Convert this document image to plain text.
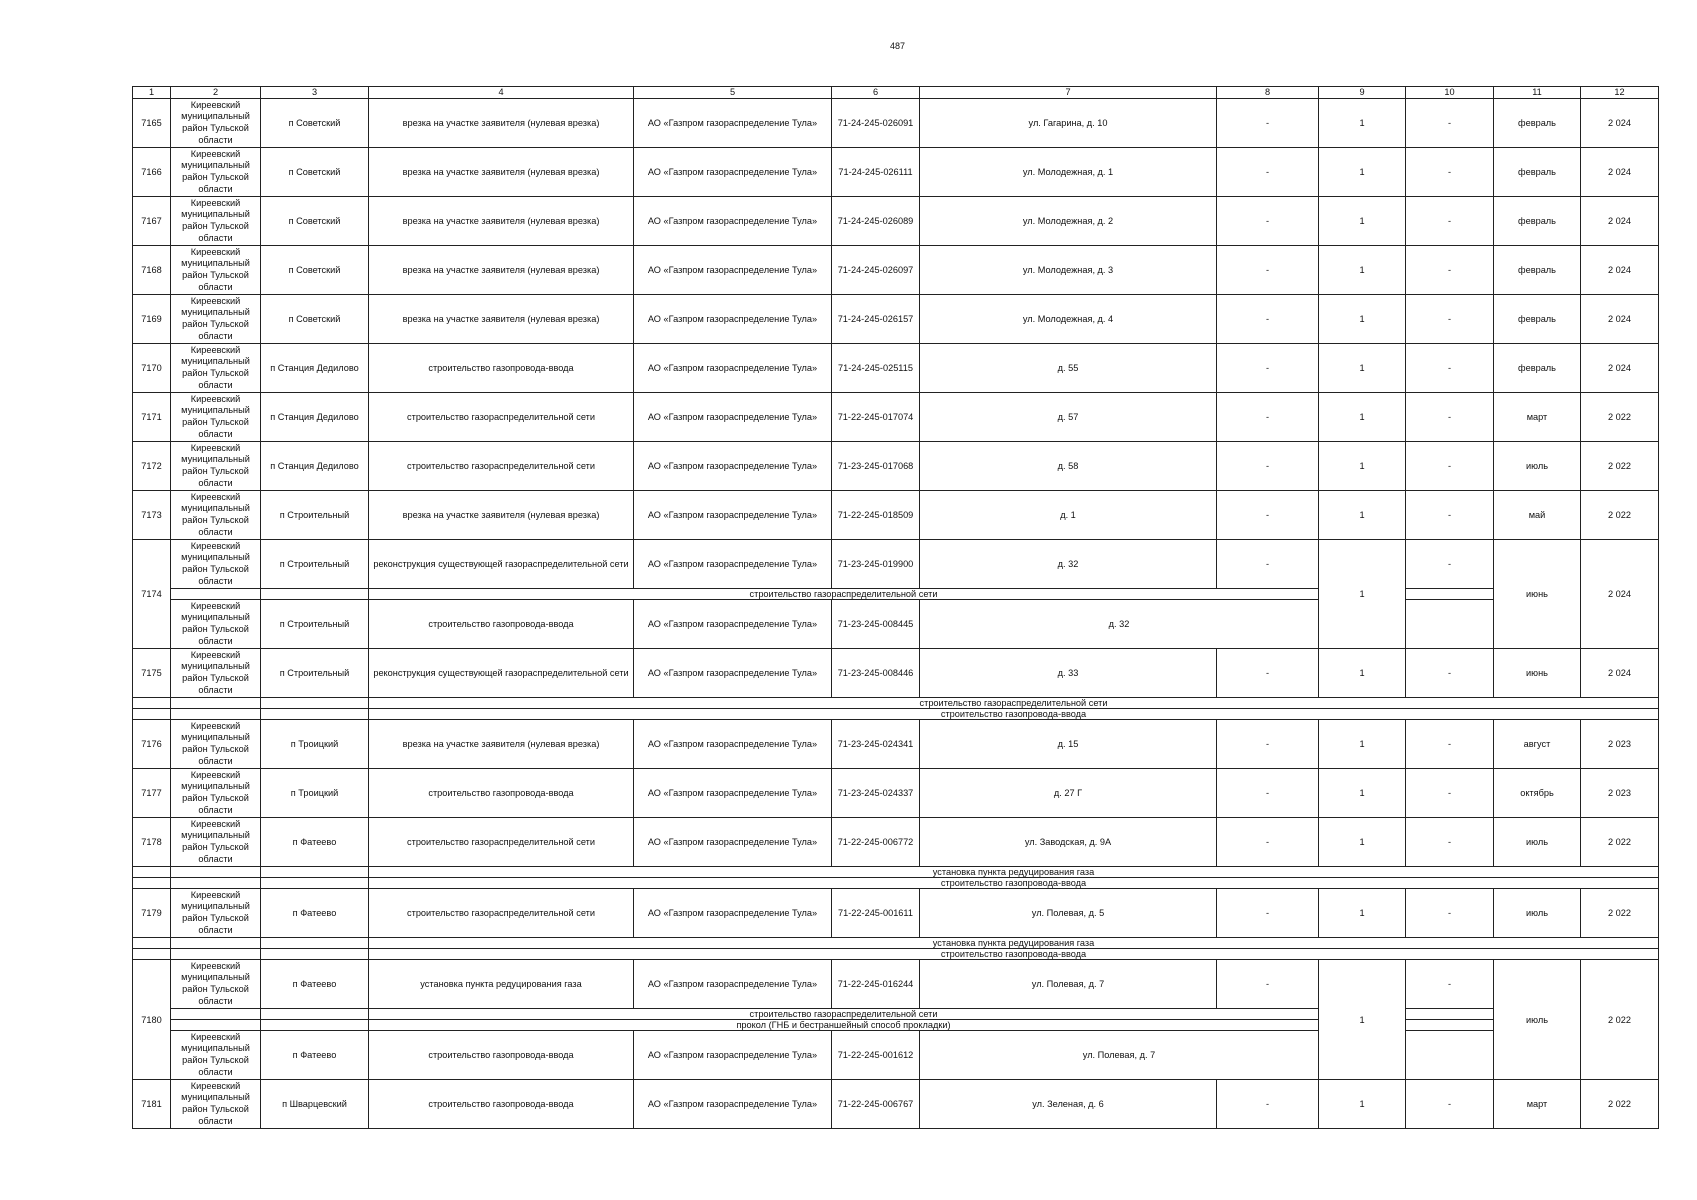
487
1	2	3	4	5	6	7	8	9	10	11	12
7165	Киреевский муниципальный район Тульской области	п Советский	врезка на участке заявителя (нулевая врезка)	АО «Газпром газораспределение Тула»	71-24-245-026091	ул. Гагарина, д. 10	-	1	-	февраль	2 024
7166	Киреевский муниципальный район Тульской области	п Советский	врезка на участке заявителя (нулевая врезка)	АО «Газпром газораспределение Тула»	71-24-245-026111	ул. Молодежная, д. 1	-	1	-	февраль	2 024
7167	Киреевский муниципальный район Тульской области	п Советский	врезка на участке заявителя (нулевая врезка)	АО «Газпром газораспределение Тула»	71-24-245-026089	ул. Молодежная, д. 2	-	1	-	февраль	2 024
7168	Киреевский муниципальный район Тульской области	п Советский	врезка на участке заявителя (нулевая врезка)	АО «Газпром газораспределение Тула»	71-24-245-026097	ул. Молодежная, д. 3	-	1	-	февраль	2 024
7169	Киреевский муниципальный район Тульской области	п Советский	врезка на участке заявителя (нулевая врезка)	АО «Газпром газораспределение Тула»	71-24-245-026157	ул. Молодежная, д. 4	-	1	-	февраль	2 024
7170	Киреевский муниципальный район Тульской области	п Станция Дедилово	строительство газопровода-ввода	АО «Газпром газораспределение Тула»	71-24-245-025115	д. 55	-	1	-	февраль	2 024
7171	Киреевский муниципальный район Тульской области	п Станция Дедилово	строительство газораспределительной сети	АО «Газпром газораспределение Тула»	71-22-245-017074	д. 57	-	1	-	март	2 022
7172	Киреевский муниципальный район Тульской области	п Станция Дедилово	строительство газораспределительной сети	АО «Газпром газораспределение Тула»	71-23-245-017068	д. 58	-	1	-	июль	2 022
7173	Киреевский муниципальный район Тульской области	п Строительный	врезка на участке заявителя (нулевая врезка)	АО «Газпром газораспределение Тула»	71-22-245-018509	д. 1	-	1	-	май	2 022
7174	Киреевский муниципальный район Тульской области	п Строительный	реконструкция существующей газораспределительной сети	АО «Газпром газораспределение Тула»	71-23-245-019900	д. 32	-	1	-	июнь	2 024
			строительство газораспределительной сети								
	Киреевский муниципальный район Тульской области	п Строительный	строительство газопровода-ввода	АО «Газпром газораспределение Тула»	71-23-245-008445	д. 32					
7175	Киреевский муниципальный район Тульской области	п Строительный	реконструкция существующей газораспределительной сети	АО «Газпром газораспределение Тула»	71-23-245-008446	д. 33	-	1	-	июнь	2 024
			строительство газораспределительной сети								
			строительство газопровода-ввода								
7176	Киреевский муниципальный район Тульской области	п Троицкий	врезка на участке заявителя (нулевая врезка)	АО «Газпром газораспределение Тула»	71-23-245-024341	д. 15	-	1	-	август	2 023
7177	Киреевский муниципальный район Тульской области	п Троицкий	строительство газопровода-ввода	АО «Газпром газораспределение Тула»	71-23-245-024337	д. 27 Г	-	1	-	октябрь	2 023
7178	Киреевский муниципальный район Тульской области	п Фатеево	строительство газораспределительной сети	АО «Газпром газораспределение Тула»	71-22-245-006772	ул. Заводская, д. 9А	-	1	-	июль	2 022
			установка пункта редуцирования газа								
			строительство газопровода-ввода								
7179	Киреевский муниципальный район Тульской области	п Фатеево	строительство газораспределительной сети	АО «Газпром газораспределение Тула»	71-22-245-001611	ул. Полевая, д. 5	-	1	-	июль	2 022
			установка пункта редуцирования газа								
			строительство газопровода-ввода								
7180	Киреевский муниципальный район Тульской области	п Фатеево	установка пункта редуцирования газа	АО «Газпром газораспределение Тула»	71-22-245-016244	ул. Полевая, д. 7	-	1	-	июль	2 022
			строительство газораспределительной сети								
			прокол (ГНБ и бестраншейный способ прокладки)								
	Киреевский муниципальный район Тульской области	п Фатеево	строительство газопровода-ввода	АО «Газпром газораспределение Тула»	71-22-245-001612	ул. Полевая, д. 7					
7181	Киреевский муниципальный район Тульской области	п Шварцевский	строительство газопровода-ввода	АО «Газпром газораспределение Тула»	71-22-245-006767	ул. Зеленая, д. 6	-	1	-	март	2 022
